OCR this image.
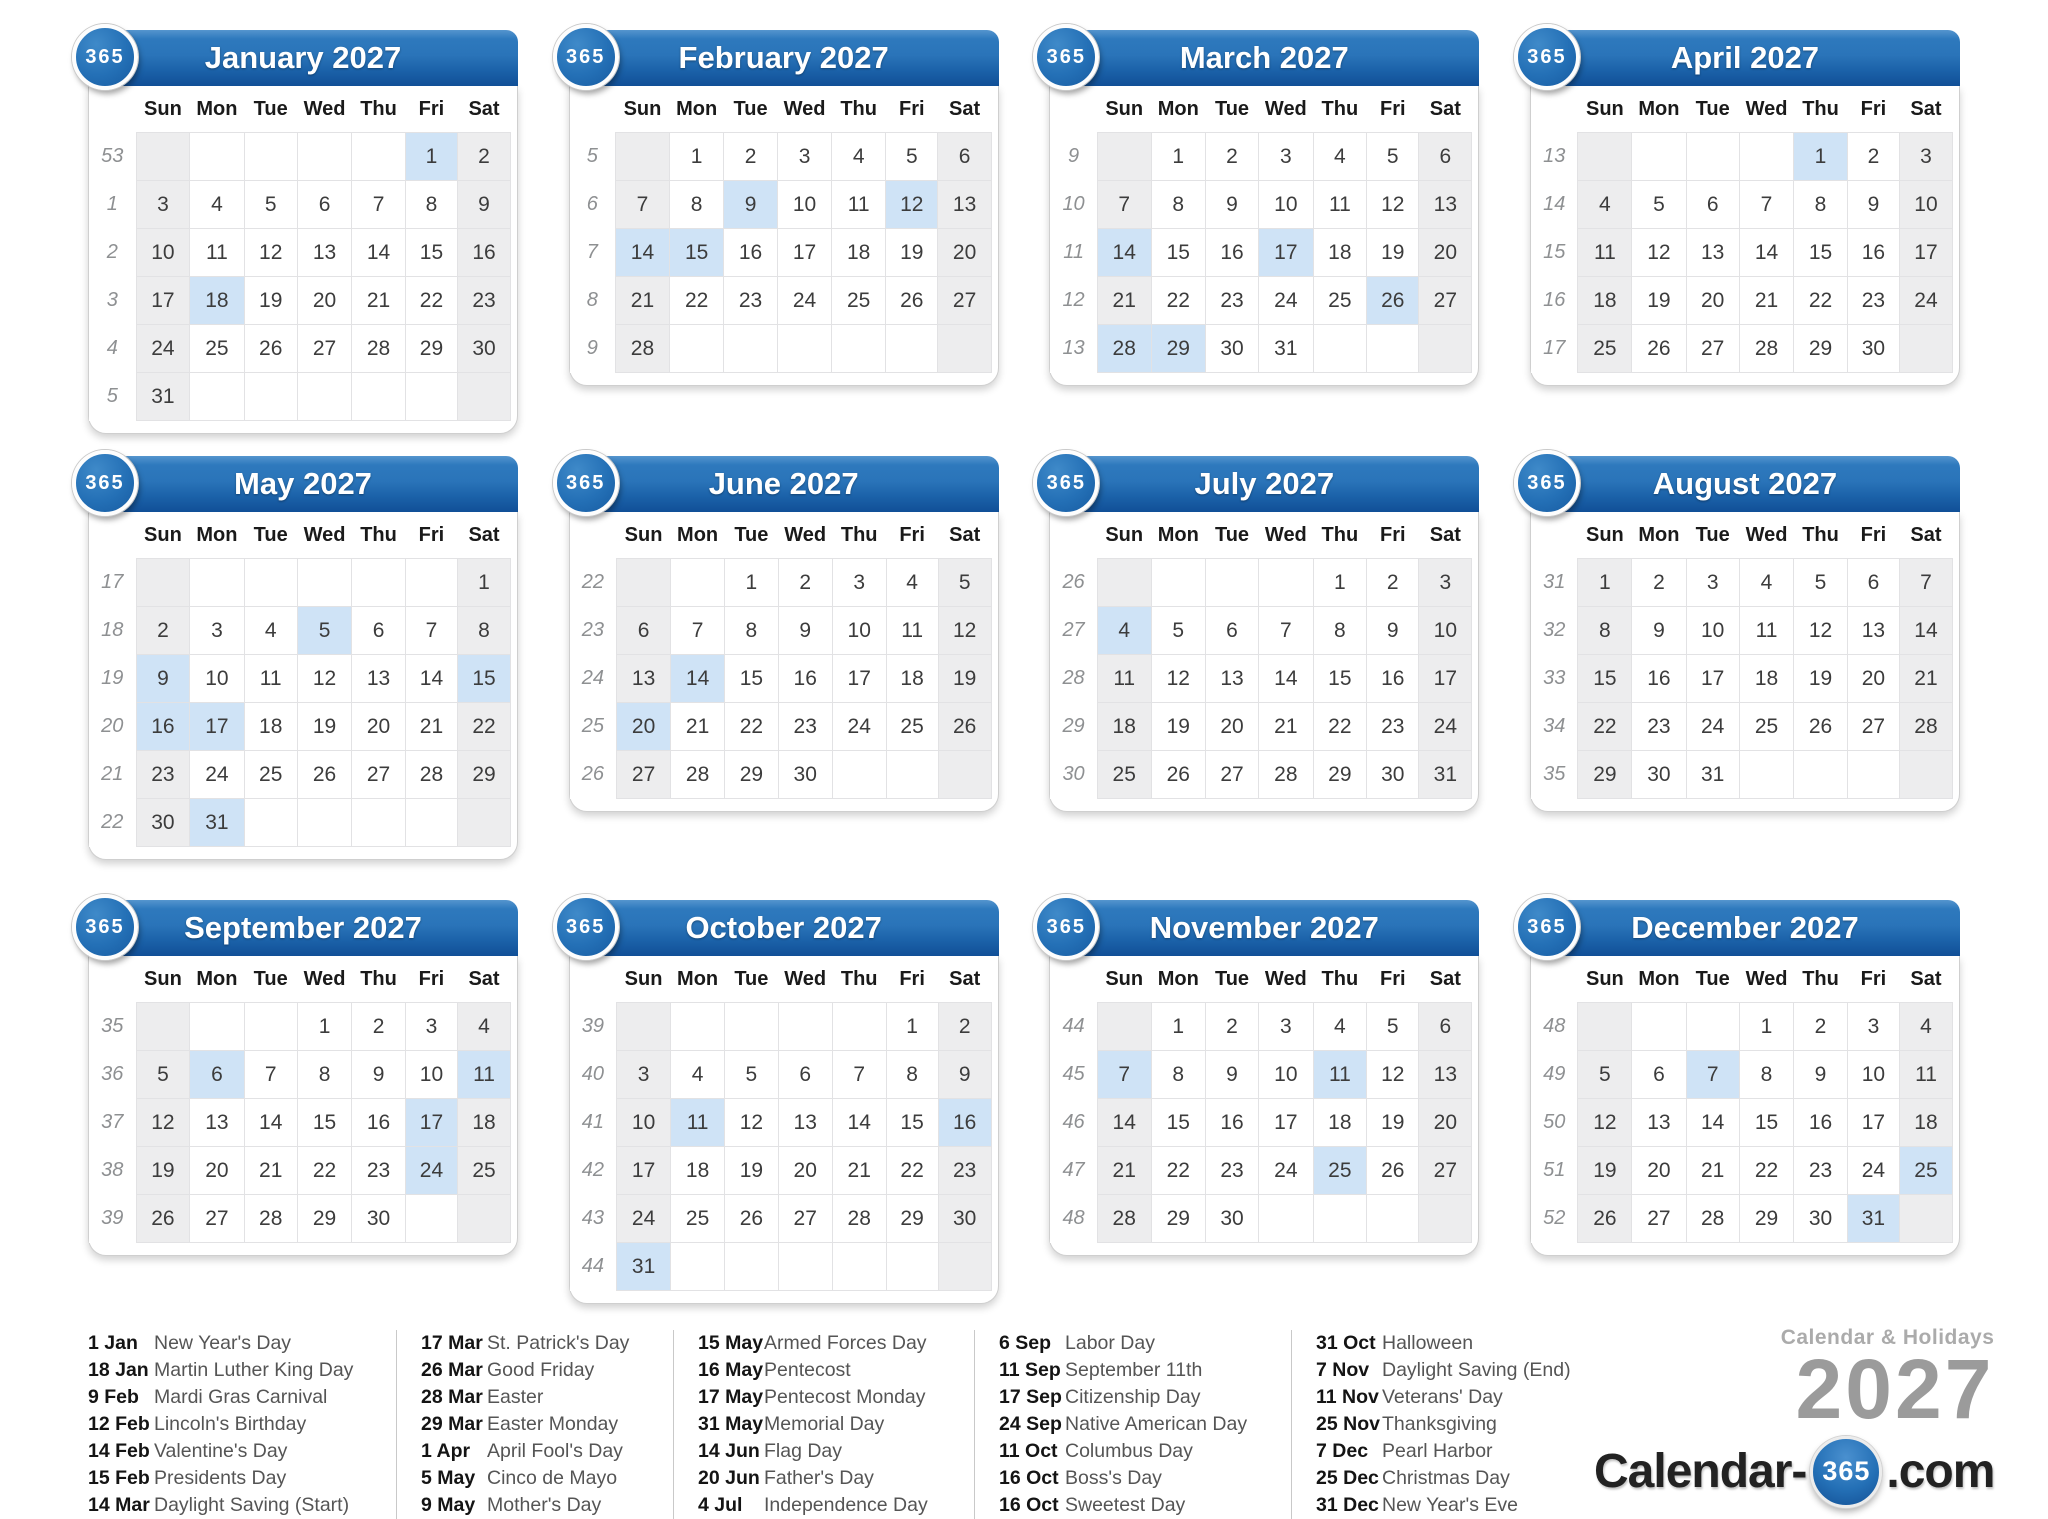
365	January 2027
	Sun	Mon	Tue	Wed	Thu	Fri	Sat
53						1	2
1	3	4	5	6	7	8	9
2	10	11	12	13	14	15	16
3	17	18	19	20	21	22	23
4	24	25	26	27	28	29	30
5	31						
365	February 2027
	Sun	Mon	Tue	Wed	Thu	Fri	Sat
5		1	2	3	4	5	6
6	7	8	9	10	11	12	13
7	14	15	16	17	18	19	20
8	21	22	23	24	25	26	27
9	28						
365	March 2027
	Sun	Mon	Tue	Wed	Thu	Fri	Sat
9		1	2	3	4	5	6
10	7	8	9	10	11	12	13
11	14	15	16	17	18	19	20
12	21	22	23	24	25	26	27
13	28	29	30	31			
365	April 2027
	Sun	Mon	Tue	Wed	Thu	Fri	Sat
13					1	2	3
14	4	5	6	7	8	9	10
15	11	12	13	14	15	16	17
16	18	19	20	21	22	23	24
17	25	26	27	28	29	30	
365	May 2027
	Sun	Mon	Tue	Wed	Thu	Fri	Sat
17							1
18	2	3	4	5	6	7	8
19	9	10	11	12	13	14	15
20	16	17	18	19	20	21	22
21	23	24	25	26	27	28	29
22	30	31					
365	June 2027
	Sun	Mon	Tue	Wed	Thu	Fri	Sat
22			1	2	3	4	5
23	6	7	8	9	10	11	12
24	13	14	15	16	17	18	19
25	20	21	22	23	24	25	26
26	27	28	29	30			
365	July 2027
	Sun	Mon	Tue	Wed	Thu	Fri	Sat
26					1	2	3
27	4	5	6	7	8	9	10
28	11	12	13	14	15	16	17
29	18	19	20	21	22	23	24
30	25	26	27	28	29	30	31
365	August 2027
	Sun	Mon	Tue	Wed	Thu	Fri	Sat
31	1	2	3	4	5	6	7
32	8	9	10	11	12	13	14
33	15	16	17	18	19	20	21
34	22	23	24	25	26	27	28
35	29	30	31				
365	September 2027
	Sun	Mon	Tue	Wed	Thu	Fri	Sat
35				1	2	3	4
36	5	6	7	8	9	10	11
37	12	13	14	15	16	17	18
38	19	20	21	22	23	24	25
39	26	27	28	29	30		
365	October 2027
	Sun	Mon	Tue	Wed	Thu	Fri	Sat
39						1	2
40	3	4	5	6	7	8	9
41	10	11	12	13	14	15	16
42	17	18	19	20	21	22	23
43	24	25	26	27	28	29	30
44	31						
365	November 2027
	Sun	Mon	Tue	Wed	Thu	Fri	Sat
44		1	2	3	4	5	6
45	7	8	9	10	11	12	13
46	14	15	16	17	18	19	20
47	21	22	23	24	25	26	27
48	28	29	30				
365	December 2027
	Sun	Mon	Tue	Wed	Thu	Fri	Sat
48				1	2	3	4
49	5	6	7	8	9	10	11
50	12	13	14	15	16	17	18
51	19	20	21	22	23	24	25
52	26	27	28	29	30	31	
1 Jan New Year's Day
18 Jan Martin Luther King Day
9 Feb Mardi Gras Carnival
12 Feb Lincoln's Birthday
14 Feb Valentine's Day
15 Feb Presidents Day
14 Mar Daylight Saving (Start)
17 Mar St. Patrick's Day
26 Mar Good Friday
28 Mar Easter
29 Mar Easter Monday
1 Apr April Fool's Day
5 May Cinco de Mayo
9 May Mother's Day
15 May Armed Forces Day
16 May Pentecost
17 May Pentecost Monday
31 May Memorial Day
14 Jun Flag Day
20 Jun Father's Day
4 Jul	Independence Day
6 Sep Labor Day
11 Sep September 11th
17 Sep Citizenship Day
24 Sep Native American Day
11 Oct Columbus Day
16 Oct Boss's Day
16 Oct Sweetest Day
31 Oct Halloween
7 Nov Daylight Saving (End)
11 Nov Veterans' Day
25 Nov Thanksgiving
7 Dec Pearl Harbor
25 Dec Christmas Day
31 Dec New Year's Eve
Calendar & Holidays
2027
Calendar- 365 .com
